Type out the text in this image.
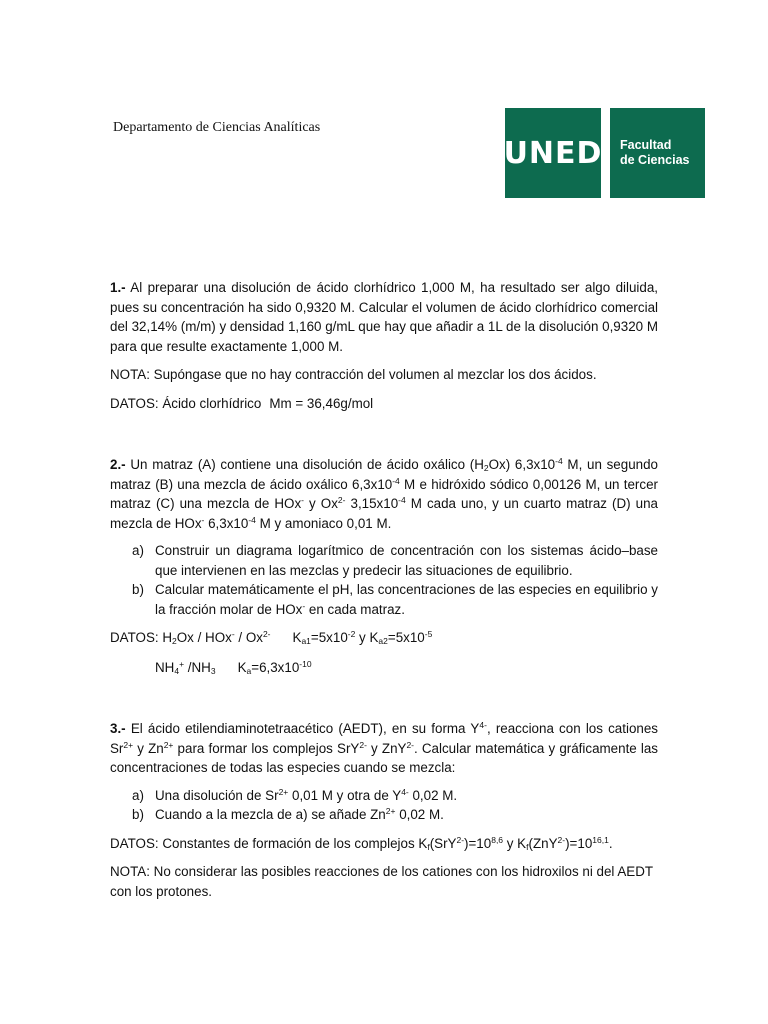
Departamento de Ciencias Analíticas
UNED Facultad
de Ciencias

1.- Al preparar una disolución de ácido clorhídrico 1,000 M, ha resultado ser algo diluida, pues su concentración ha sido 0,9320 M. Calcular el volumen de ácido clorhídrico comercial del 32,14% (m/m) y densidad 1,160 g/mL que hay que añadir a 1L de la disolución 0,9320 M para que resulte exactamente 1,000 M.

NOTA: Supóngase que no hay contracción del volumen al mezclar los dos ácidos.

DATOS: Ácido clorhídrico Mm = 36,46g/mol

2.- Un matraz (A) contiene una disolución de ácido oxálico $(H_2Ox)$ $6,3x10^{-4}$ M, un segundo matraz (B) una mezcla de ácido oxálico $6,3x10^{-4}$ M e hidróxido sódico 0,00126 M, un tercer matraz (C) una mezcla de HOx- y $Ox^{2-}$ $3,15x10^{-4}$ M cada uno, y un cuarto matraz (D) una mezcla de HOx- $6,3x10^{-4}$ M y amoniaco 0,01 M.

a) Construir un diagrama logarítmico de concentración con los sistemas ácido–base que intervienen en las mezclas y predecir las situaciones de equilibrio.
b) Calcular matemáticamente el pH, las concentraciones de las especies en equilibrio y la fracción molar de HOx- en cada matraz.

DATOS: $H_2Ox / HOx^- / Ox^{2-}$ $K_{a1}=5x10^{-2}$ y $K_{a2}=5x10^{-5}$

$NH_4^+$ $/NH_3$ $K_a=6,3x10^{-10}$

3.- El ácido etilendiaminotetraacético (AEDT), en su forma $Y^{4-}$, reacciona con los cationes $Sr^{2+}$ y $Zn^{2+}$ para formar los complejos SrY$^{2-}$ y ZnY$^{2-}$. Calcular matemática y gráficamente las concentraciones de todas las especies cuando se mezcla:

a) Una disolución de $Sr^{2+}$ 0,01 M y otra de $Y^{4-}$ 0,02 M.
b) Cuando a la mezcla de a) se añade $Zn^{2+}$ 0,02 M.

DATOS: Constantes de formación de los complejos $K_f(SrY^{2-})=10^{8,6}$ y $K_f(ZnY^{2-})=10^{16,1}$.

NOTA: No considerar las posibles reacciones de los cationes con los hidroxilos ni del AEDT con los protones.
